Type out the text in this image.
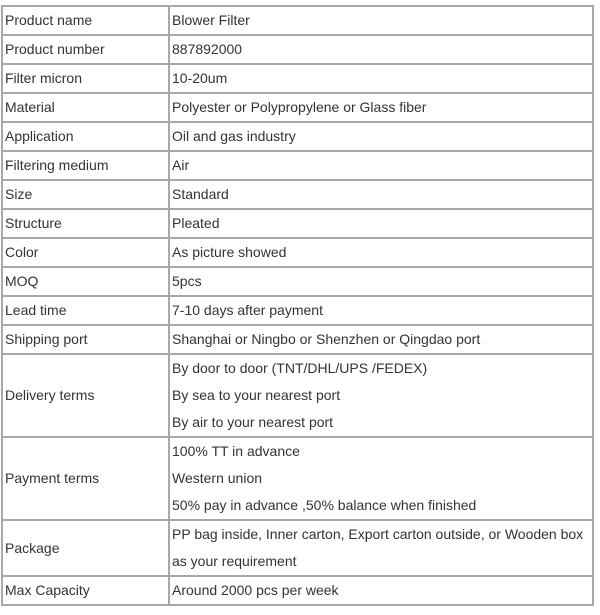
Product name	Blower Filter
Product number	887892000
Filter micron	10-20um
Material	Polyester or Polypropylene or Glass fiber
Application	Oil and gas industry
Filtering medium	Air
Size	Standard
Structure	Pleated
Color	As picture showed
MOQ	5pcs
Lead time	7-10 days after payment
Shipping port	Shanghai or Ningbo or Shenzhen or Qingdao port
Delivery terms	By door to door (TNT/DHL/UPS /FEDEX)
By sea to your nearest port
By air to your nearest port

Payment terms	100% TT in advance
Western union
50% pay in advance ,50% balance when finished

Package	PP bag inside, Inner carton, Export carton outside, or Wooden box
as your requirement

Max Capacity	Around 2000 pcs per week
